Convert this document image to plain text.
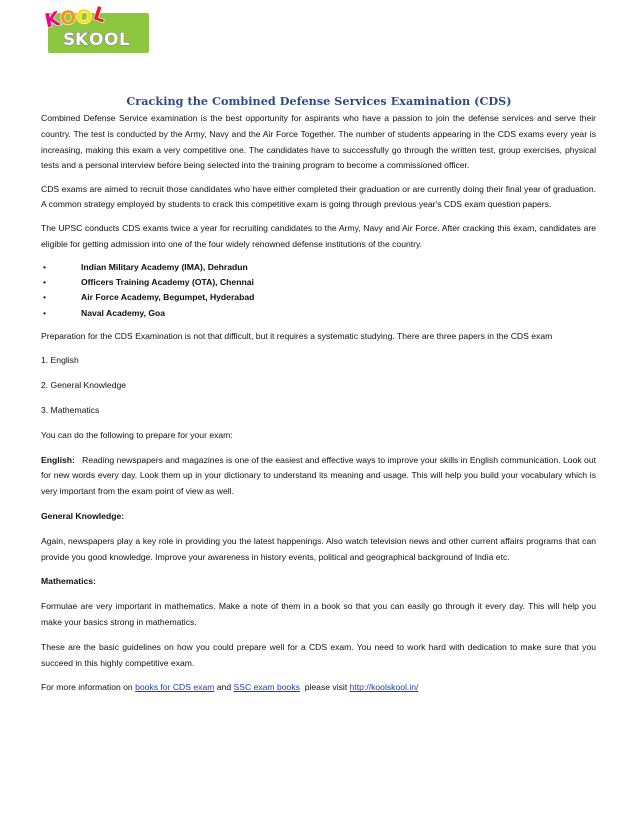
K
O
O
L
S K O O L
Cracking the Combined Defense Services Examination (CDS)

Combined Defense Service examination is the best opportunity for aspirants who have a passion to join the defense services and serve their country. The test is conducted by the Army, Navy and the Air Force Together. The number of students appearing in the CDS exams every year is increasing, making this exam a very competitive one. The candidates have to successfully go through the written test, group exercises, physical tests and a personal interview before being selected into the training program to become a commissioned officer.

CDS exams are aimed to recruit those candidates who have either completed their graduation or are currently doing their final year of graduation. A common strategy employed by students to crack this competitive exam is going through previous year's CDS exam question papers.

The UPSC conducts CDS exams twice a year for recruiting candidates to the Army, Navy and Air Force. After cracking this exam, candidates are eligible for getting admission into one of the four widely renowned defense institutions of the country.

•	Indian Military Academy (IMA), Dehradun
•	Officers Training Academy (OTA), Chennai
•	Air Force Academy, Begumpet, Hyderabad
•	Naval Academy, Goa

Preparation for the CDS Examination is not that difficult, but it requires a systematic studying. There are three papers in the CDS exam

1. English

2. General Knowledge

3. Mathematics

You can do the following to prepare for your exam:

English: Reading newspapers and magazines is one of the easiest and effective ways to improve your skills in English communication. Look out for new words every day. Look them up in your dictionary to understand its meaning and usage. This will help you build your vocabulary which is very important from the exam point of view as well.

General Knowledge:

Again, newspapers play a key role in providing you the latest happenings. Also watch television news and other current affairs programs that can provide you good knowledge. Improve your awareness in history events, political and geographical background of India etc.

Mathematics:

Formulae are very important in mathematics. Make a note of them in a book so that you can easily go through it every day. This will help you make your basics strong in mathematics.

These are the basic guidelines on how you could prepare well for a CDS exam. You need to work hard with dedication to make sure that you succeed in this highly competitive exam.

For more information on books for CDS exam and SSC exam books please visit http://koolskool.in/
